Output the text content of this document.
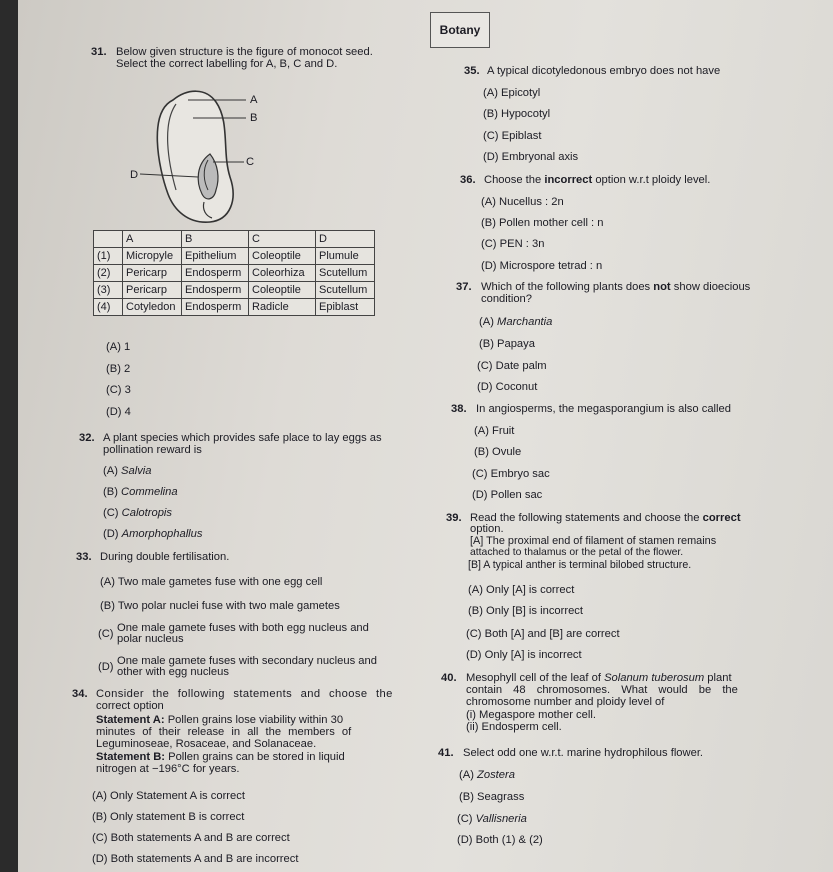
Botany
31. Below given structure is the figure of monocot seed.
Select the correct labelling for A, B, C and D.
A
B
C
D
	A	B	C	D
(1)	Micropyle	Epithelium	Coleoptile	Plumule
(2)	Pericarp	Endosperm	Coleorhiza	Scutellum
(3)	Pericarp	Endosperm	Coleoptile	Scutellum
(4)	Cotyledon	Endosperm	Radicle	Epiblast
(A) 1
(B) 2
(C) 3
(D) 4
32. A plant species which provides safe place to lay eggs as
pollination reward is
(A) Salvia
(B) Commelina
(C) Calotropis
(D) Amorphophallus
33. During double fertilisation.
(A) Two male gametes fuse with one egg cell
(B) Two polar nuclei fuse with two male gametes
(C) One male gamete fuses with both egg nucleus and
polar nucleus
(D) One male gamete fuses with secondary nucleus and
other with egg nucleus
34. Consider the following statements and choose the
correct option
Statement A: Pollen grains lose viability within 30
minutes of their release in all the members of
Leguminoseae, Rosaceae, and Solanaceae.
Statement B: Pollen grains can be stored in liquid
nitrogen at −196°C for years.
(A) Only Statement A is correct
(B) Only statement B is correct
(C) Both statements A and B are correct
(D) Both statements A and B are incorrect
35. A typical dicotyledonous embryo does not have
(A) Epicotyl
(B) Hypocotyl
(C) Epiblast
(D) Embryonal axis
36. Choose the incorrect option w.r.t ploidy level.
(A) Nucellus : 2n
(B) Pollen mother cell : n
(C) PEN : 3n
(D) Microspore tetrad : n
37. Which of the following plants does not show dioecious
condition?
(A) Marchantia
(B) Papaya
(C) Date palm
(D) Coconut
38. In angiosperms, the megasporangium is also called
(A) Fruit
(B) Ovule
(C) Embryo sac
(D) Pollen sac
39. Read the following statements and choose the correct
option.
[A] The proximal end of filament of stamen remains
attached to thalamus or the petal of the flower.
[B] A typical anther is terminal bilobed structure.
(A) Only [A] is correct
(B) Only [B] is incorrect
(C) Both [A] and [B] are correct
(D) Only [A] is incorrect
40. Mesophyll cell of the leaf of Solanum tuberosum plant
contain 48 chromosomes. What would be the
chromosome number and ploidy level of
(i) Megaspore mother cell.
(ii) Endosperm cell.
41. Select odd one w.r.t. marine hydrophilous flower.
(A) Zostera
(B) Seagrass
(C) Vallisneria
(D) Both (1) & (2)
